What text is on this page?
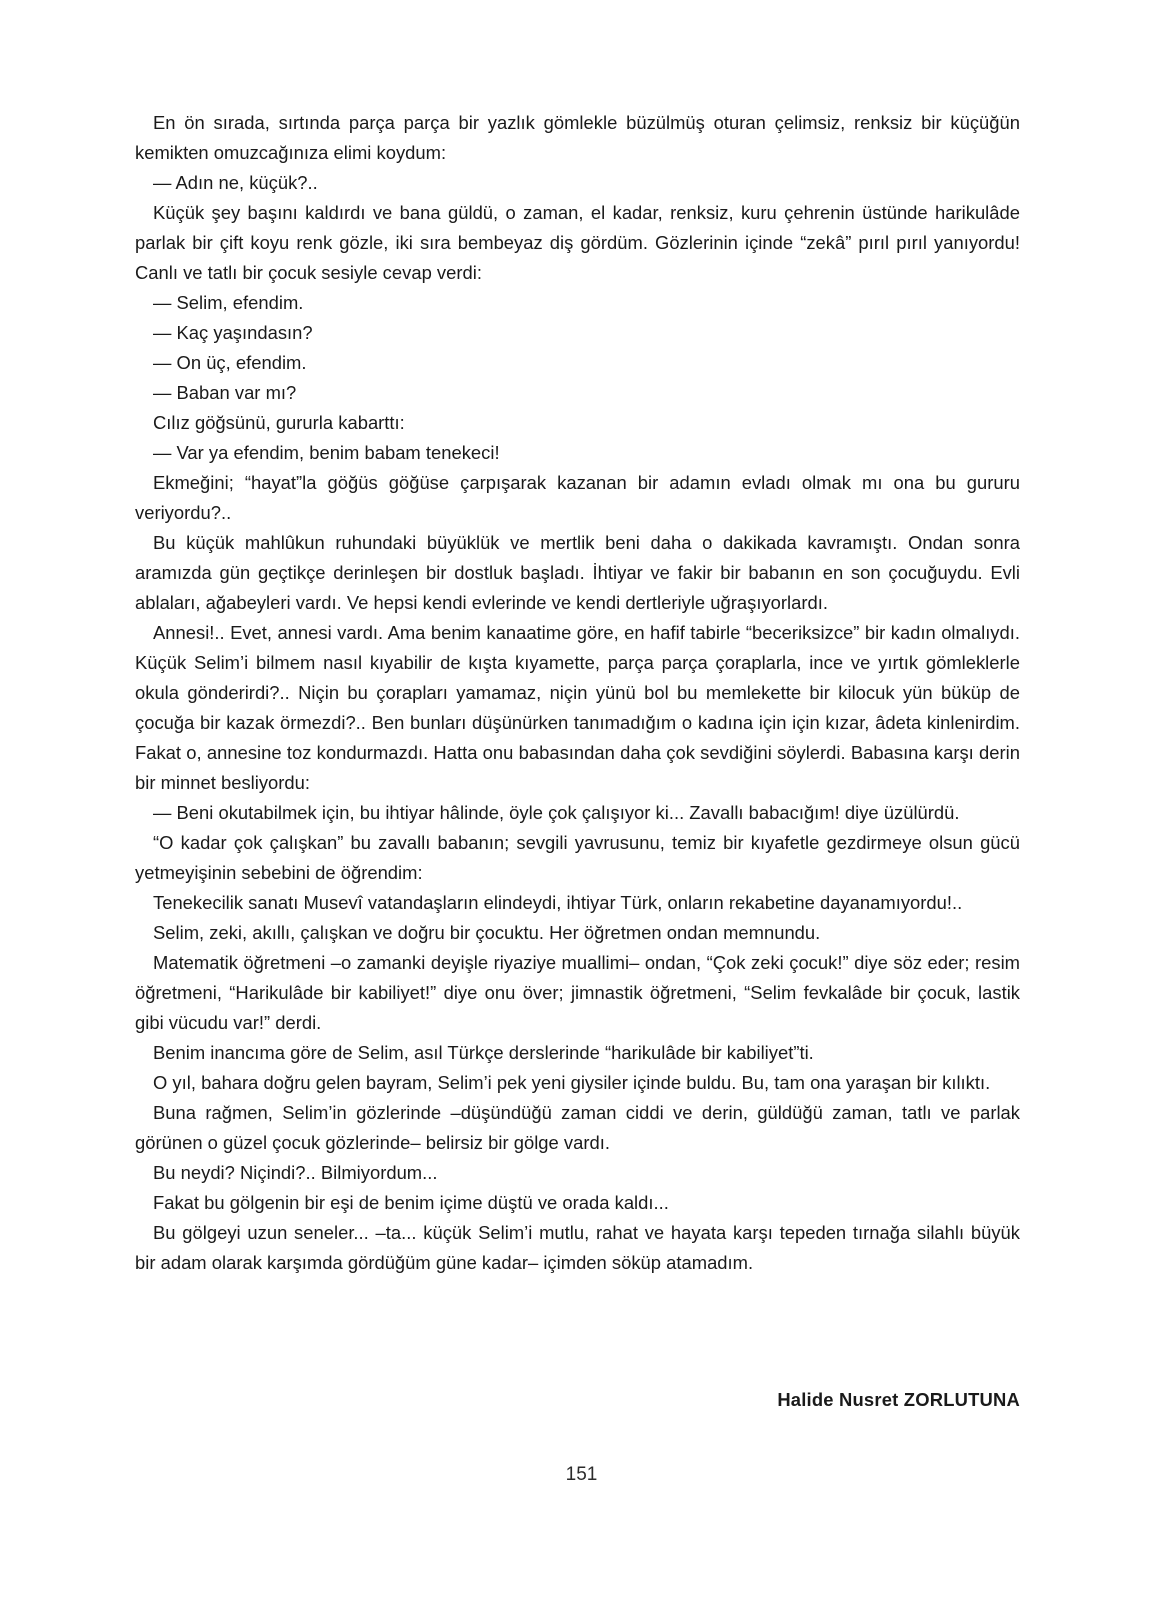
En ön sırada, sırtında parça parça bir yazlık gömlekle büzülmüş oturan çelimsiz, renksiz bir küçüğün kemikten omuzcağınıza elimi koydum:

— Adın ne, küçük?..

Küçük şey başını kaldırdı ve bana güldü, o zaman, el kadar, renksiz, kuru çehrenin üstünde harikulâde parlak bir çift koyu renk gözle, iki sıra bembeyaz diş gördüm. Gözlerinin içinde “zekâ” pırıl pırıl yanıyordu! Canlı ve tatlı bir çocuk sesiyle cevap verdi:

— Selim, efendim.

— Kaç yaşındasın?

— On üç, efendim.

— Baban var mı?

Cılız göğsünü, gururla kabarttı:

— Var ya efendim, benim babam tenekeci!

Ekmeğini; “hayat”la göğüs göğüse çarpışarak kazanan bir adamın evladı olmak mı ona bu gururu veriyordu?..

Bu küçük mahlûkun ruhundaki büyüklük ve mertlik beni daha o dakikada kavramıştı. Ondan sonra aramızda gün geçtikçe derinleşen bir dostluk başladı. İhtiyar ve fakir bir babanın en son çocuğuydu. Evli ablaları, ağabeyleri vardı. Ve hepsi kendi evlerinde ve kendi dertleriyle uğraşıyorlardı.

Annesi!.. Evet, annesi vardı. Ama benim kanaatime göre, en hafif tabirle “beceriksizce” bir kadın olmalıydı. Küçük Selim’i bilmem nasıl kıyabilir de kışta kıyamette, parça parça çoraplarla, ince ve yırtık gömleklerle okula gönderirdi?.. Niçin bu çorapları yamamaz, niçin yünü bol bu memlekette bir kilocuk yün büküp de çocuğa bir kazak örmezdi?.. Ben bunları düşünürken tanımadığım o kadına için için kızar, âdeta kinlenirdim. Fakat o, annesine toz kondurmazdı. Hatta onu babasından daha çok sevdiğini söylerdi. Babasına karşı derin bir minnet besliyordu:

— Beni okutabilmek için, bu ihtiyar hâlinde, öyle çok çalışıyor ki... Zavallı babacığım! diye üzülürdü.

“O kadar çok çalışkan” bu zavallı babanın; sevgili yavrusunu, temiz bir kıyafetle gezdirmeye olsun gücü yetmeyişinin sebebini de öğrendim:

Tenekecilik sanatı Musevî vatandaşların elindeydi, ihtiyar Türk, onların rekabetine dayanamıyordu!..

Selim, zeki, akıllı, çalışkan ve doğru bir çocuktu. Her öğretmen ondan memnundu.

Matematik öğretmeni –o zamanki deyişle riyaziye muallimi– ondan, “Çok zeki çocuk!” diye söz eder; resim öğretmeni, “Harikulâde bir kabiliyet!” diye onu över; jimnastik öğretmeni, “Selim fevkalâde bir çocuk, lastik gibi vücudu var!” derdi.

Benim inancıma göre de Selim, asıl Türkçe derslerinde “harikulâde bir kabiliyet”ti.

O yıl, bahara doğru gelen bayram, Selim’i pek yeni giysiler içinde buldu. Bu, tam ona yaraşan bir kılıktı.

Buna rağmen, Selim’in gözlerinde –düşündüğü zaman ciddi ve derin, güldüğü zaman, tatlı ve parlak görünen o güzel çocuk gözlerinde– belirsiz bir gölge vardı.

Bu neydi? Niçindi?.. Bilmiyordum...

Fakat bu gölgenin bir eşi de benim içime düştü ve orada kaldı...

Bu gölgeyi uzun seneler... –ta... küçük Selim’i mutlu, rahat ve hayata karşı tepeden tırnağa silahlı büyük bir adam olarak karşımda gördüğüm güne kadar– içimden söküp atamadım.

Halide Nusret ZORLUTUNA
151
